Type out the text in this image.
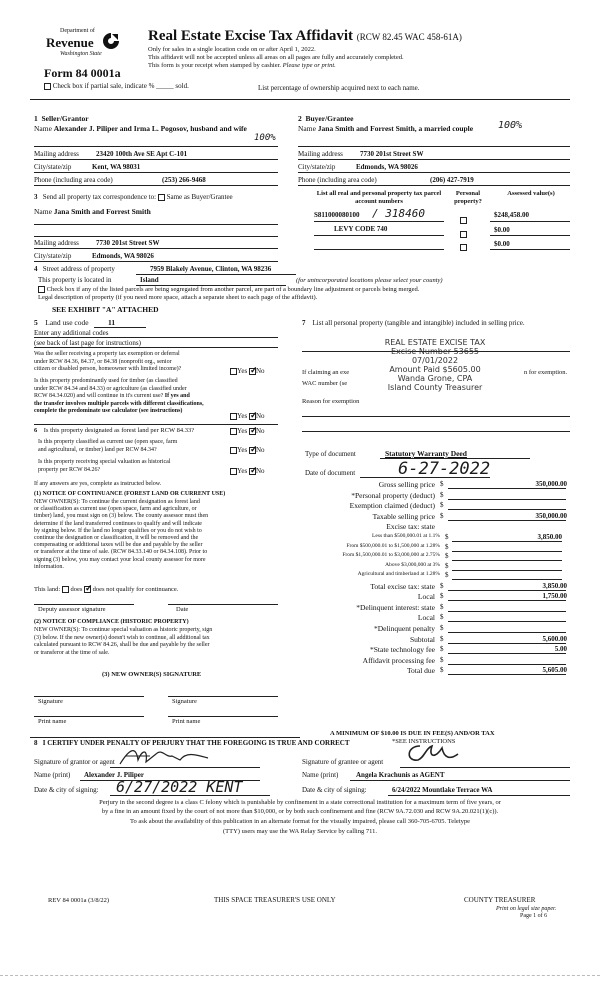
Department of
Revenue
Washington State
Form 84 0001a
Real Estate Excise Tax Affidavit (RCW 82.45 WAC 458-61A)
Only for sales in a single location code on or after April 1, 2022.
This affidavit will not be accepted unless all areas on all pages are fully and accurately completed.
This form is your receipt when stamped by cashier. Please type or print.
Check box if partial sale, indicate % _____ sold.	List percentage of ownership acquired next to each name.
1 Seller/Grantor
Name Alexander J. Piliper and Irma L. Pogosov, husband and wife
100%
Mailing address 23420 100th Ave SE Apt C-101
City/state/zip	Kent, WA 98031
Phone (including area code)	(253) 266-9468
2 Buyer/Grantee
Name Jana Smith and Forrest Smith, a married couple 100%
Mailing address 7730 201st Street SW
City/state/zip	Edmonds, WA 98026
Phone (including area code)	(206) 427-7919
3 Send all property tax correspondence to: Same as Buyer/Grantee
Name Jana Smith and Forrest Smith
Mailing address 7730 201st Street SW
City/state/zip	Edmonds, WA 98026
List all real and personal property tax parcel account numbers
Personal property?
Assessed value(s)
S811000080100 / 318460	$248,458.00
LEVY CODE 740	$0.00
$0.00
4 Street address of property	7959 Blakely Avenue, Clinton, WA 98236
This property is located in	Island	(for unincorporated locations please select your county)
Check box if any of the listed parcels are being segregated from another parcel, are part of a boundary line adjustment or parcels being merged.
Legal description of property (if you need more space, attach a separate sheet to each page of the affidavit).
SEE EXHIBIT "A" ATTACHED
5 Land use code	11
Enter any additional codes
(see back of last page for instructions)
Was the seller receiving a property tax exemption or deferral
under RCW 84.36, 84.37, or 84.38 (nonprofit org., senior
citizen or disabled person, homeowner with limited income)?	Yes ✓ No
Is this property predominantly used for timber (as classified
under RCW 84.34 and 84.33) or agriculture (as classified under
RCW 84.34.020) and will continue in it's current use? If yes and
the transfer involves multiple parcels with different classifications,
complete the predominate use calculator (see instructions)
Yes ✓ No
6 Is this property designated as forest land per RCW 84.33?	Yes ✓ No
Is this property classified as current use (open space, farm
and agricultural, or timber) land per RCW 84.34?	Yes ✓ No
Is this property receiving special valuation as historical
property per RCW 84.26?	Yes ✓ No
If any answers are yes, complete as instructed below.
(1) NOTICE OF CONTINUANCE (FOREST LAND OR CURRENT USE)
NEW OWNER(S): To continue the current designation as forest land
or classification as current use (open space, farm and agriculture, or
timber) land, you must sign on (3) below. The county assessor must then
determine if the land transferred continues to qualify and will indicate
by signing below. If the land no longer qualifies or you do not wish to
continue the designation or classification, it will be removed and the
compensating or additional taxes will be due and payable by the seller
or transferor at the time of sale. (RCW 84.33.140 or 84.34.108). Prior to
signing (3) below, you may contact your local county assessor for more
information.
This land: does ✓ does not qualify for continuance.
Deputy assessor signature	Date
(2) NOTICE OF COMPLIANCE (HISTORIC PROPERTY)
NEW OWNER(S): To continue special valuation as historic property, sign
(3) below. If the new owner(s) doesn't wish to continue, all additional tax
calculated pursuant to RCW 84.26, shall be due and payable by the seller
or transferor at the time of sale.
(3) NEW OWNER(S) SIGNATURE
Signature	Signature
Print name	Print name
7 List all personal property (tangible and intangible) included in selling price.
If claiming an exe	n for exemption.
WAC number (se
REAL ESTATE EXCISE TAX
Excise Number 53655
07/01/2022
Amount Paid $5605.00
Wanda Grone, CPA
Island County Treasurer
Reason for exemption
Type of document	Statutory Warranty Deed
Date of document	6-27-2022
Gross selling price $	350,000.00
*Personal property (deduct) $
Exemption claimed (deduct) $
Taxable selling price $	350,000.00
Excise tax: state
Less than $500,000.01 at 1.1% $	3,850.00
From $500,000.01 to $1,500,000 at 1.28% $
From $1,500,000.01 to $3,000,000 at 2.75% $
Above $3,000,000 at 3% $
Agricultural and timberland at 1.28% $
Total excise tax: state $	3,850.00
Local $	1,750.00
*Delinquent interest: state $
Local $
*Delinquent penalty $
Subtotal $	5,600.00
*State technology fee $	5.00
Affidavit processing fee $
Total due $	5,605.00
A MINIMUM OF $10.00 IS DUE IN FEE(S) AND/OR TAX
*SEE INSTRUCTIONS
8 I CERTIFY UNDER PENALTY OF PERJURY THAT THE FOREGOING IS TRUE AND CORRECT
Signature of grantor or agent	Signature of grantee or agent
Name (print) Alexander J. Piliper	Name (print)	Angela Krachunis as AGENT
Date & city of signing: 6/27/2022 KENT	Date & city of signing:	6/24/2022 Mountlake Terrace WA
Perjury in the second degree is a class C felony which is punishable by confinement in a state correctional institution for a maximum term of five years, or
by a fine in an amount fixed by the court of not more than $10,000, or by both such confinement and fine (RCW 9A.72.030 and RCW 9A.20.021(1)(c)).
To ask about the availability of this publication in an alternate format for the visually impaired, please call 360-705-6705. Teletype
(TTY) users may use the WA Relay Service by calling 711.
REV 84 0001a (3/8/22)	THIS SPACE TREASURER'S USE ONLY	COUNTY TREASURER
Print on legal size paper.
Page 1 of 6
